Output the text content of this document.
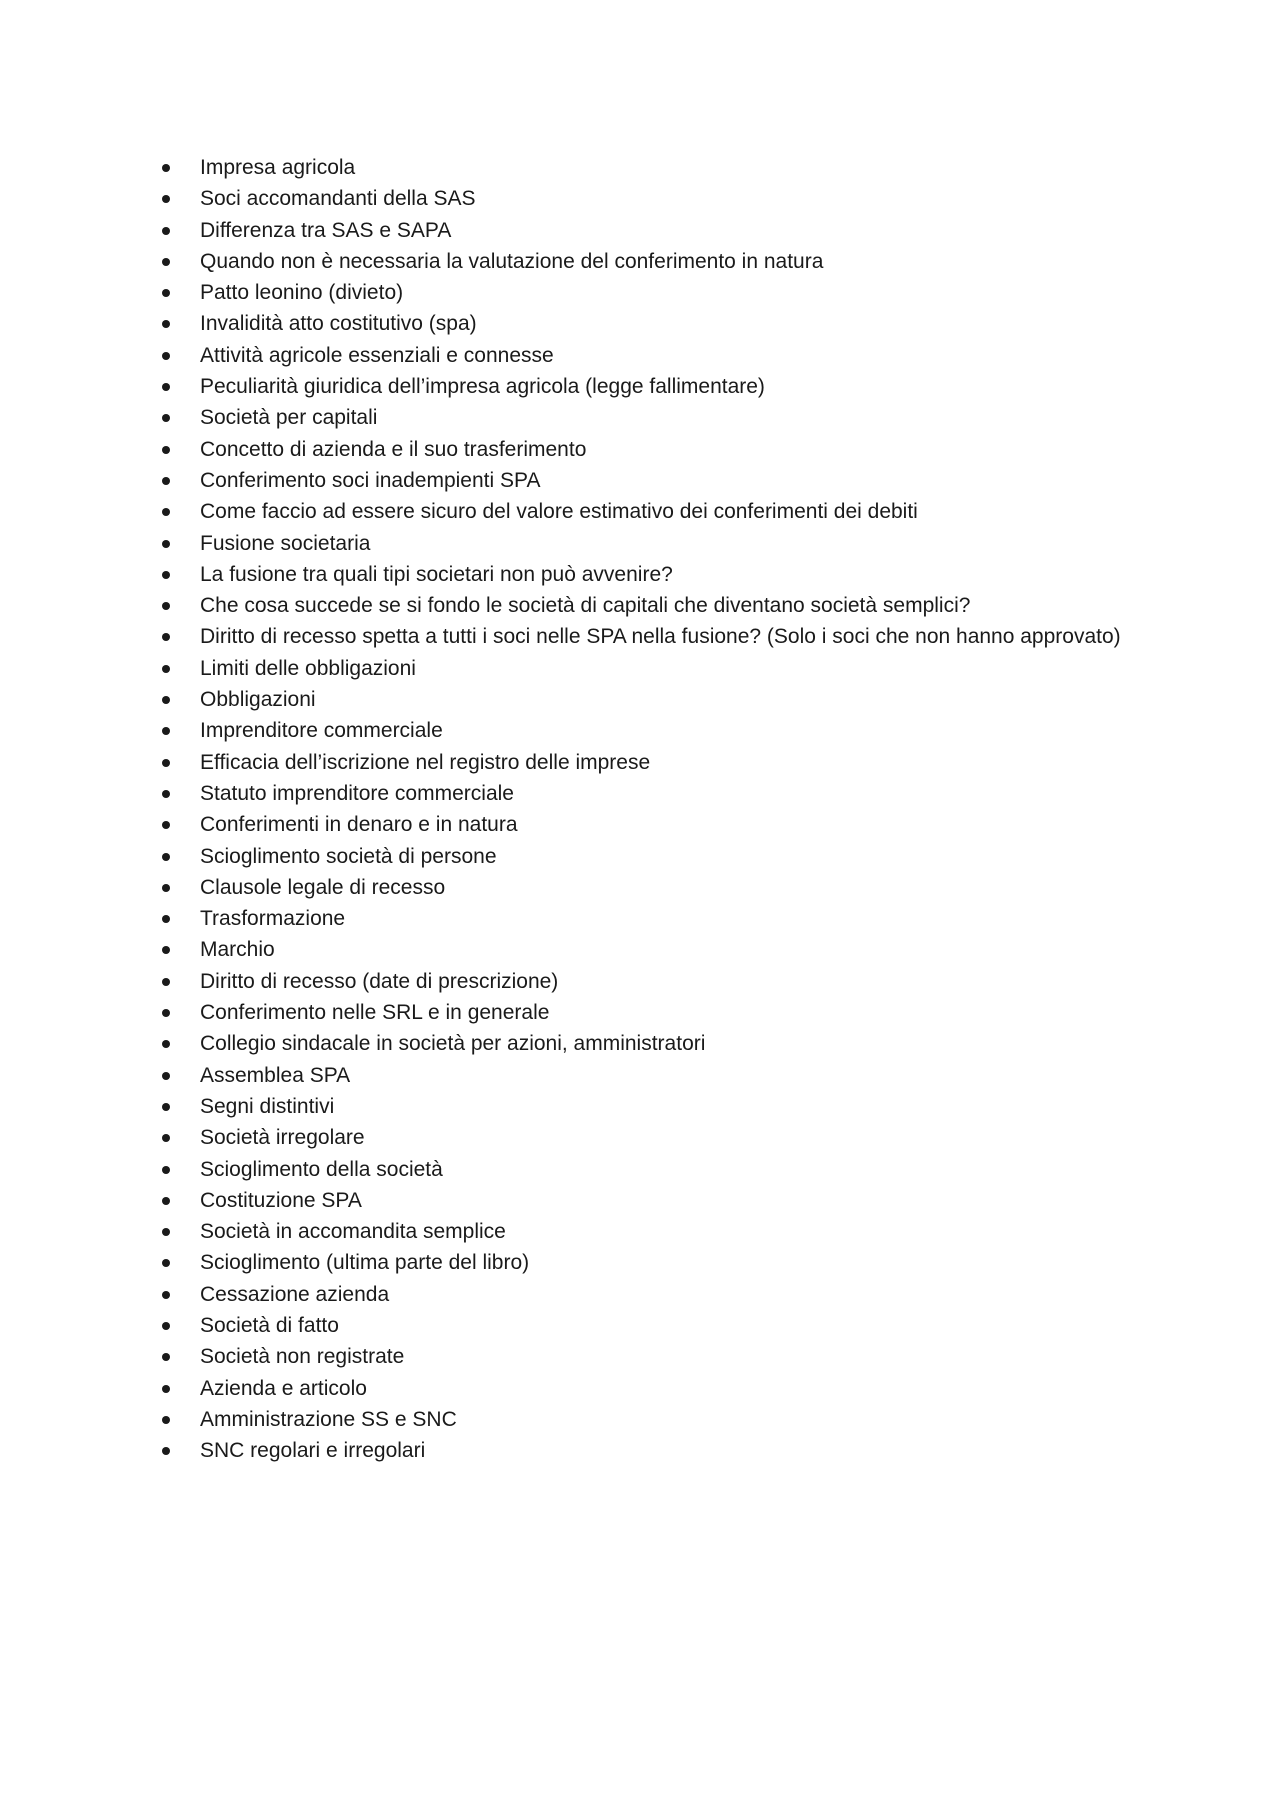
Impresa agricola
Soci accomandanti della SAS
Differenza tra SAS e SAPA
Quando non è necessaria la valutazione del conferimento in natura
Patto leonino (divieto)
Invalidità atto costitutivo (spa)
Attività agricole essenziali e connesse
Peculiarità giuridica dell’impresa agricola (legge fallimentare)
Società per capitali
Concetto di azienda e il suo trasferimento
Conferimento soci inadempienti SPA
Come faccio ad essere sicuro del valore estimativo dei conferimenti dei debiti
Fusione societaria
La fusione tra quali tipi societari non può avvenire?
Che cosa succede se si fondo le società di capitali che diventano società semplici?
Diritto di recesso spetta a tutti i soci nelle SPA nella fusione? (Solo i soci che non hanno approvato)
Limiti delle obbligazioni
Obbligazioni
Imprenditore commerciale
Efficacia dell’iscrizione nel registro delle imprese
Statuto imprenditore commerciale
Conferimenti in denaro e in natura
Scioglimento società di persone
Clausole legale di recesso
Trasformazione
Marchio
Diritto di recesso (date di prescrizione)
Conferimento nelle SRL e in generale
Collegio sindacale in società per azioni, amministratori
Assemblea SPA
Segni distintivi
Società irregolare
Scioglimento della società
Costituzione SPA
Società in accomandita semplice
Scioglimento (ultima parte del libro)
Cessazione azienda
Società di fatto
Società non registrate
Azienda e articolo
Amministrazione SS e SNC
SNC regolari e irregolari
